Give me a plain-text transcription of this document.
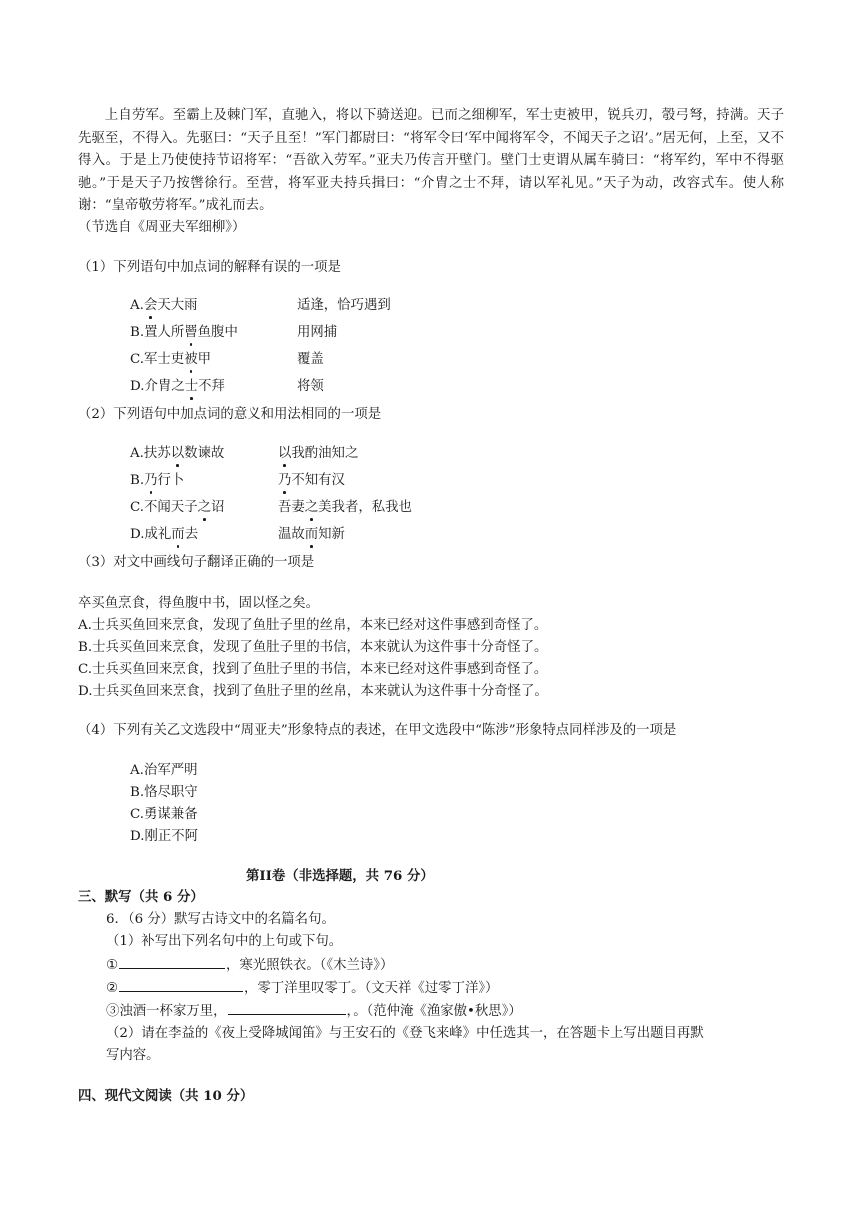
上自劳军。至霸上及棘门军，直驰入，将以下骑送迎。已而之细柳军，军士吏被甲，锐兵刃，彀弓弩，持满。天子先驱至，不得入。先驱曰：“天子且至！”军门都尉曰：“将军令曰‘军中闻将军令，不闻天子之诏’。”居无何，上至，又不得入。于是上乃使使持节诏将军：“吾欲入劳军。”亚夫乃传言开壁门。壁门士吏谓从属车骑曰：“将军约，军中不得驱驰。”于是天子乃按辔徐行。至营，将军亚夫持兵揖曰：“介胄之士不拜，请以军礼见。”天子为动，改容式车。使人称谢：“皇帝敬劳将军。”成礼而去。
（节选自《周亚夫军细柳》）
（1）下列语句中加点词的解释有误的一项是
A.会天大雨	适逢，恰巧遇到
B.置人所罾鱼腹中	用网捕
C.军士吏被甲	覆盖
D.介胄之士不拜	将领
（2）下列语句中加点词的意义和用法相同的一项是
A.扶苏以数谏故	以我酌油知之
B.乃行卜	乃不知有汉
C.不闻天子之诏	吾妻之美我者，私我也
D.成礼而去	温故而知新
（3）对文中画线句子翻译正确的一项是
卒买鱼烹食，得鱼腹中书，固以怪之矣。
A.士兵买鱼回来烹食，发现了鱼肚子里的丝帛，本来已经对这件事感到奇怪了。
B.士兵买鱼回来烹食，发现了鱼肚子里的书信，本来就认为这件事十分奇怪了。
C.士兵买鱼回来烹食，找到了鱼肚子里的书信，本来已经对这件事感到奇怪了。
D.士兵买鱼回来烹食，找到了鱼肚子里的丝帛，本来就认为这件事十分奇怪了。
（4）下列有关乙文选段中“周亚夫”形象特点的表述，在甲文选段中“陈涉”形象特点同样涉及的一项是
A.治军严明
B.恪尽职守
C.勇谋兼备
D.刚正不阿
第II卷（非选择题，共 76 分）
三、默写（共 6 分）
6．（6 分）默写古诗文中的名篇名句。
（1）补写出下列名句中的上句或下句。
①	，寒光照铁衣。（《木兰诗》）
②	，零丁洋里叹零丁。（文天祥《过零丁洋》）
③浊酒一杯家万里，	，。（范仲淹《渔家傲•秋思》）
（2）请在李益的《夜上受降城闻笛》与王安石的《登飞来峰》中任选其一，在答题卡上写出题目再默
写内容。
四、现代文阅读（共 10 分）
